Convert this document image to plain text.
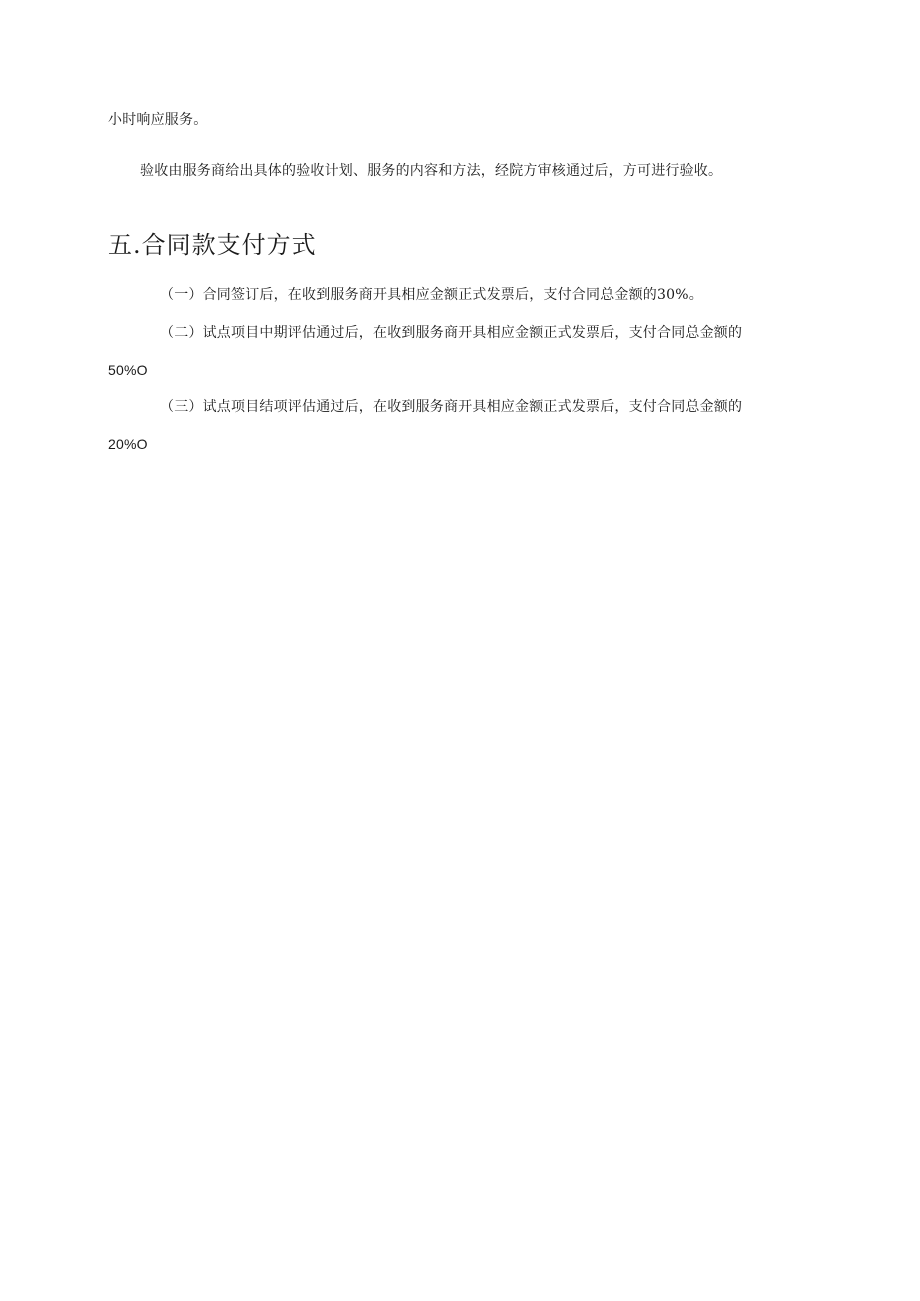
小时响应服务。
验收由服务商给出具体的验收计划、服务的内容和方法，经院方审核通过后，方可进行验收。
五.合同款支付方式
（一）合同签订后，在收到服务商开具相应金额正式发票后，支付合同总金额的30%。
（二）试点项目中期评估通过后，在收到服务商开具相应金额正式发票后，支付合同总金额的
50%O
（三）试点项目结项评估通过后，在收到服务商开具相应金额正式发票后，支付合同总金额的
20%O
